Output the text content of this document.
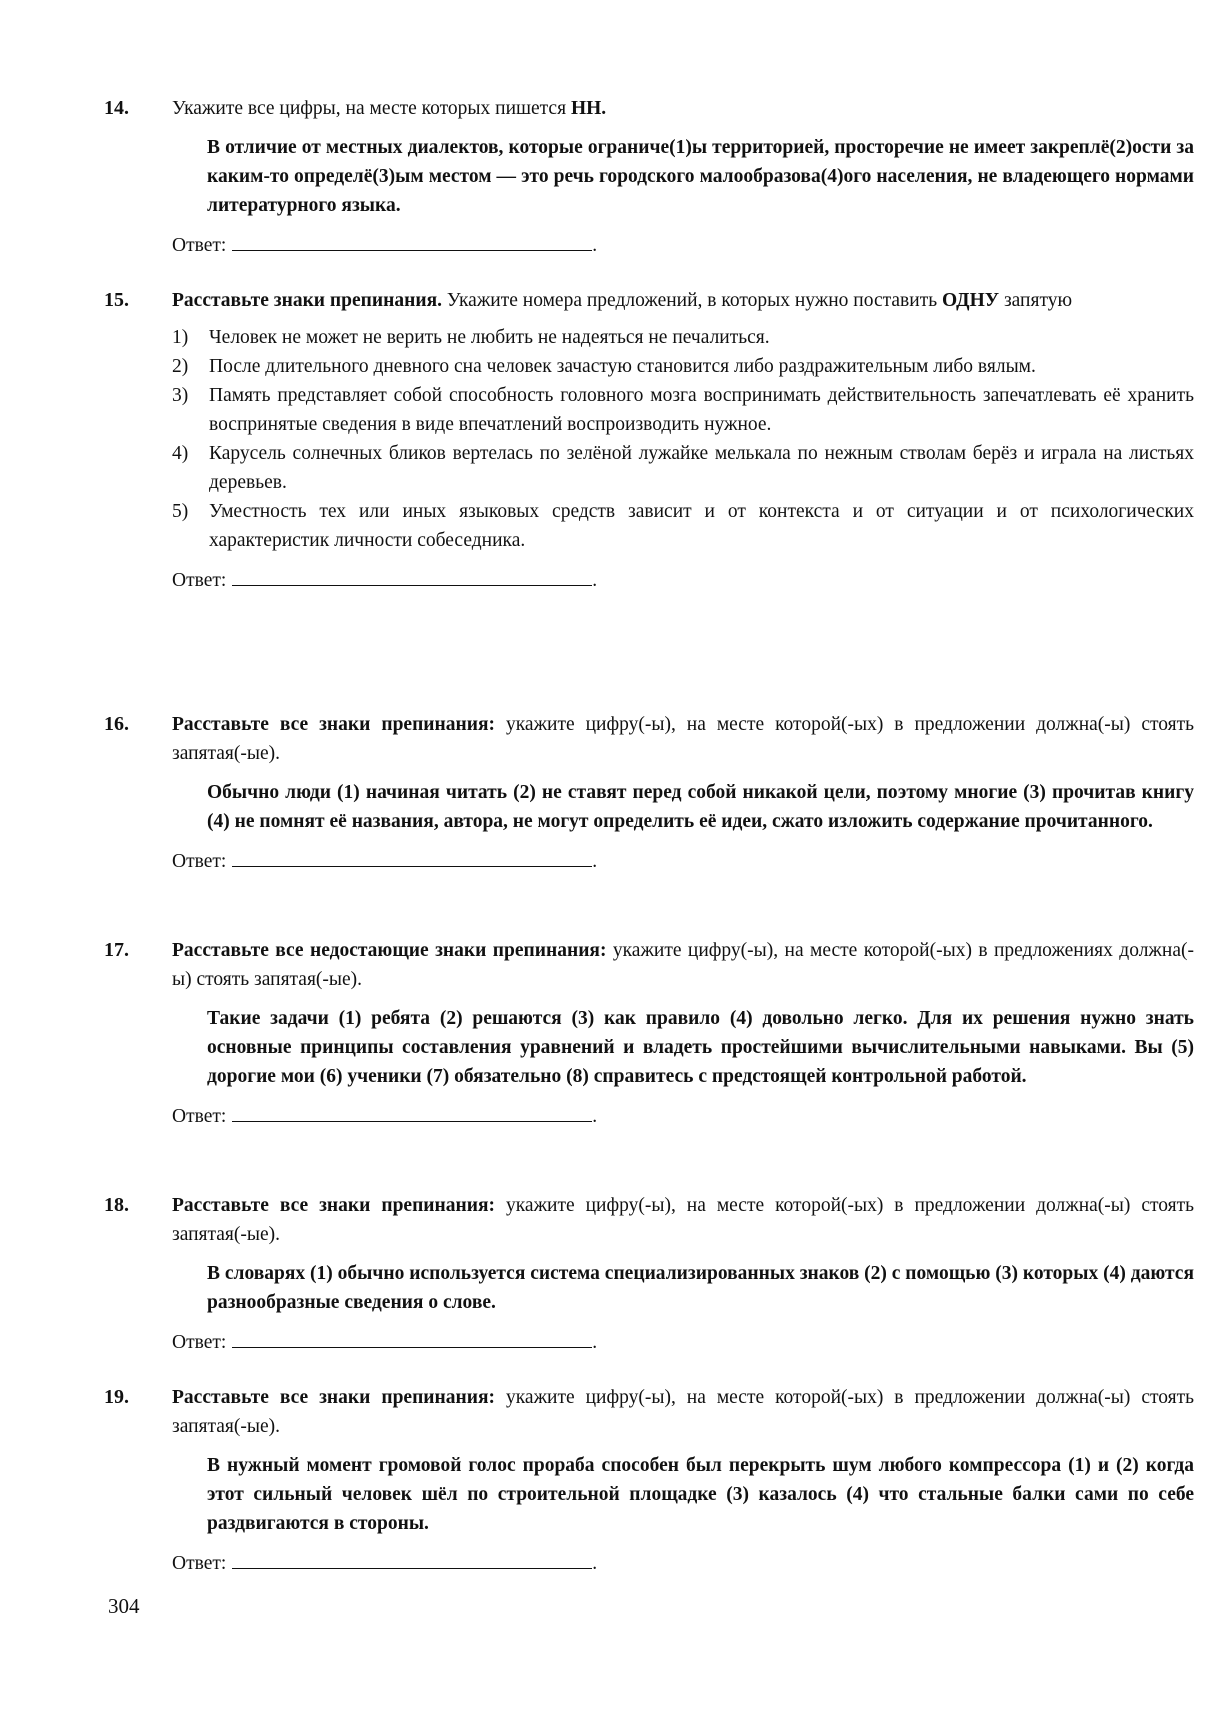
14. Укажите все цифры, на месте которых пишется НН.

В отличие от местных диалектов, которые ограниче(1)ы территорией, просторечие не имеет закреплё(2)ости за каким-то определё(3)ым местом — это речь городского малообразова(4)ого населения, не владеющего нормами литературного языка.
Ответ:	.
15. Расставьте знаки препинания. Укажите номера предложений, в которых нужно поставить ОДНУ запятую

1) Человек не может не верить не любить не надеяться не печалиться.
2) После длительного дневного сна человек зачастую становится либо раздражительным либо вялым.
3) Память представляет собой способность головного мозга воспринимать действительность запечатлевать её хранить воспринятые сведения в виде впечатлений воспроизводить нужное.
4) Карусель солнечных бликов вертелась по зелёной лужайке мелькала по нежным стволам берёз и играла на листьях деревьев.
5) Уместность тех или иных языковых средств зависит и от контекста и от ситуации и от психологических характеристик личности собеседника.
Ответ:	.
16. Расставьте все знаки препинания: укажите цифру(-ы), на месте которой(-ых) в предложении должна(-ы) стоять запятая(-ые).

Обычно люди (1) начиная читать (2) не ставят перед собой никакой цели, поэтому многие (3) прочитав книгу (4) не помнят её названия, автора, не могут определить её идеи, сжато изложить содержание прочитанного.
Ответ:	.
17. Расставьте все недостающие знаки препинания: укажите цифру(-ы), на месте которой(-ых) в предложениях должна(-ы) стоять запятая(-ые).

Такие задачи (1) ребята (2) решаются (3) как правило (4) довольно легко. Для их решения нужно знать основные принципы составления уравнений и владеть простейшими вычислительными навыками. Вы (5) дорогие мои (6) ученики (7) обязательно (8) справитесь с предстоящей контрольной работой.
Ответ:	.
18. Расставьте все знаки препинания: укажите цифру(-ы), на месте которой(-ых) в предложении должна(-ы) стоять запятая(-ые).

В словарях (1) обычно используется система специализированных знаков (2) с помощью (3) которых (4) даются разнообразные сведения о слове.
Ответ:	.
19. Расставьте все знаки препинания: укажите цифру(-ы), на месте которой(-ых) в предложении должна(-ы) стоять запятая(-ые).

В нужный момент громовой голос прораба способен был перекрыть шум любого компрессора (1) и (2) когда этот сильный человек шёл по строительной площадке (3) казалось (4) что стальные балки сами по себе раздвигаются в стороны.
Ответ:	.
304
